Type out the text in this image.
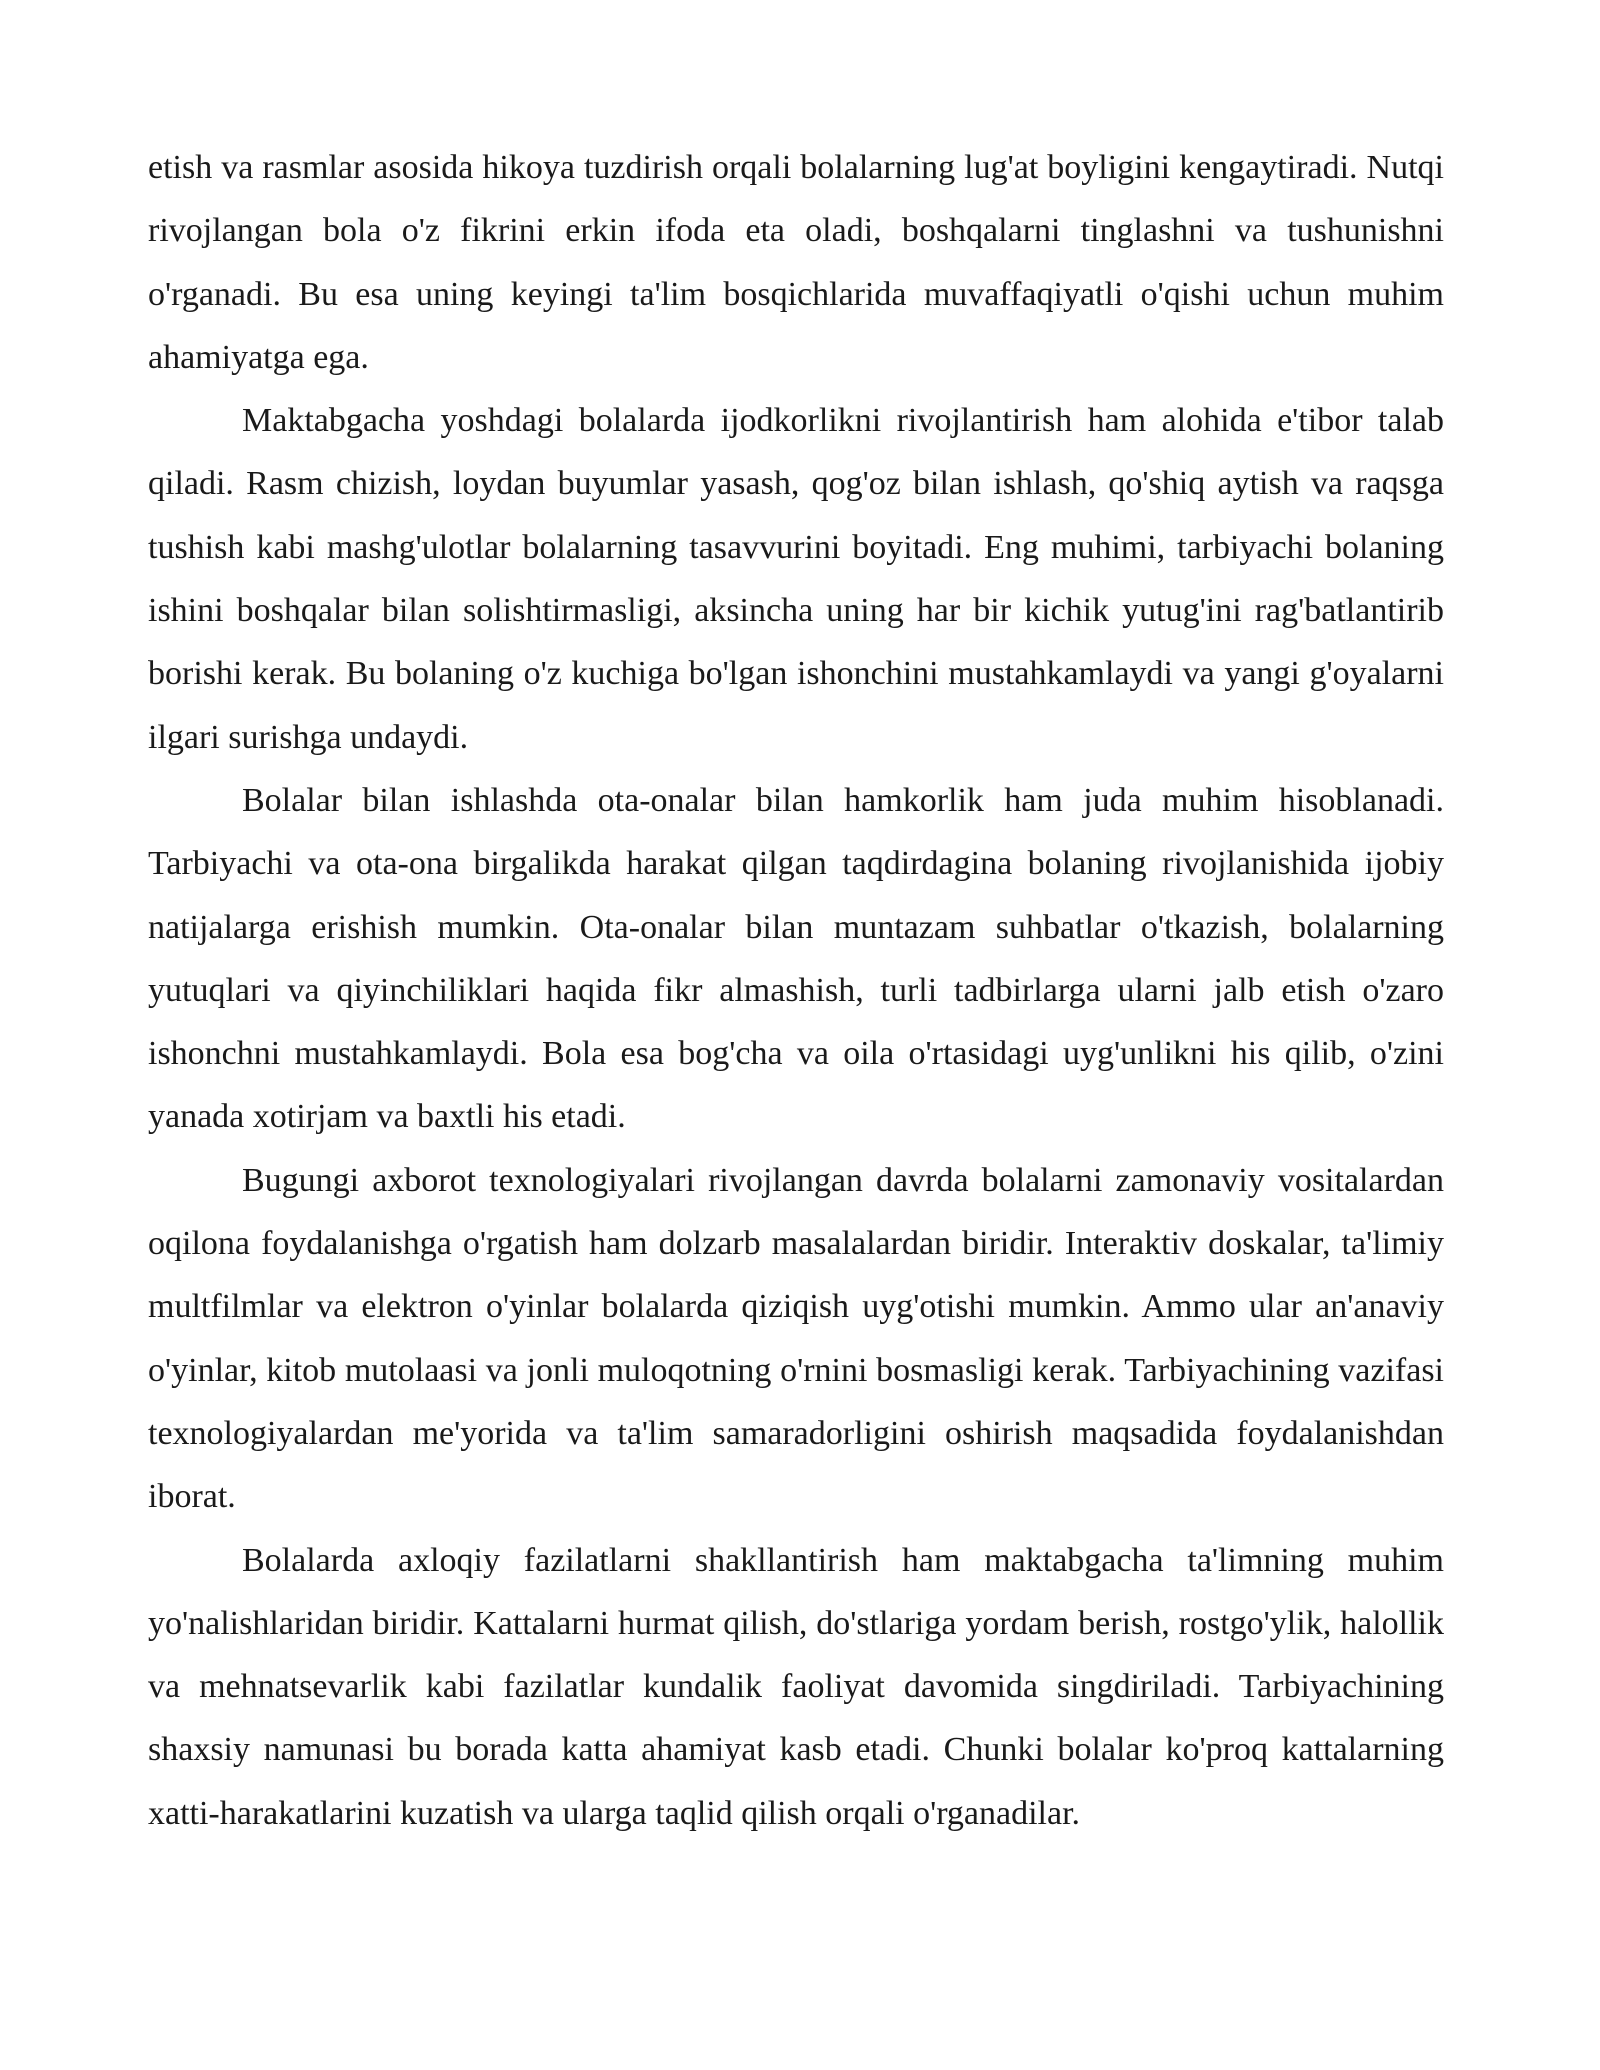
etish va rasmlar asosida hikoya tuzdirish orqali bolalarning lug'at boyligini kengaytiradi. Nutqi rivojlangan bola o'z fikrini erkin ifoda eta oladi, boshqalarni tinglashni va tushunishni o'rganadi. Bu esa uning keyingi ta'lim bosqichlarida muvaffaqiyatli o'qishi uchun muhim ahamiyatga ega.

Maktabgacha yoshdagi bolalarda ijodkorlikni rivojlantirish ham alohida e'tibor talab qiladi. Rasm chizish, loydan buyumlar yasash, qog'oz bilan ishlash, qo'shiq aytish va raqsga tushish kabi mashg'ulotlar bolalarning tasavvurini boyitadi. Eng muhimi, tarbiyachi bolaning ishini boshqalar bilan solishtirmasligi, aksincha uning har bir kichik yutug'ini rag'batlantirib borishi kerak. Bu bolaning o'z kuchiga bo'lgan ishonchini mustahkamlaydi va yangi g'oyalarni ilgari surishga undaydi.

Bolalar bilan ishlashda ota-onalar bilan hamkorlik ham juda muhim hisoblanadi. Tarbiyachi va ota-ona birgalikda harakat qilgan taqdirdagina bolaning rivojlanishida ijobiy natijalarga erishish mumkin. Ota-onalar bilan muntazam suhbatlar o'tkazish, bolalarning yutuqlari va qiyinchiliklari haqida fikr almashish, turli tadbirlarga ularni jalb etish o'zaro ishonchni mustahkamlaydi. Bola esa bog'cha va oila o'rtasidagi uyg'unlikni his qilib, o'zini yanada xotirjam va baxtli his etadi.

Bugungi axborot texnologiyalari rivojlangan davrda bolalarni zamonaviy vositalardan oqilona foydalanishga o'rgatish ham dolzarb masalalardan biridir. Interaktiv doskalar, ta'limiy multfilmlar va elektron o'yinlar bolalarda qiziqish uyg'otishi mumkin. Ammo ular an'anaviy o'yinlar, kitob mutolaasi va jonli muloqotning o'rnini bosmasligi kerak. Tarbiyachining vazifasi texnologiyalardan me'yorida va ta'lim samaradorligini oshirish maqsadida foydalanishdan iborat.

Bolalarda axloqiy fazilatlarni shakllantirish ham maktabgacha ta'limning muhim yo'nalishlaridan biridir. Kattalarni hurmat qilish, do'stlariga yordam berish, rostgo'ylik, halollik va mehnatsevarlik kabi fazilatlar kundalik faoliyat davomida singdiriladi. Tarbiyachining shaxsiy namunasi bu borada katta ahamiyat kasb etadi. Chunki bolalar ko'proq kattalarning xatti-harakatlarini kuzatish va ularga taqlid qilish orqali o'rganadilar.
